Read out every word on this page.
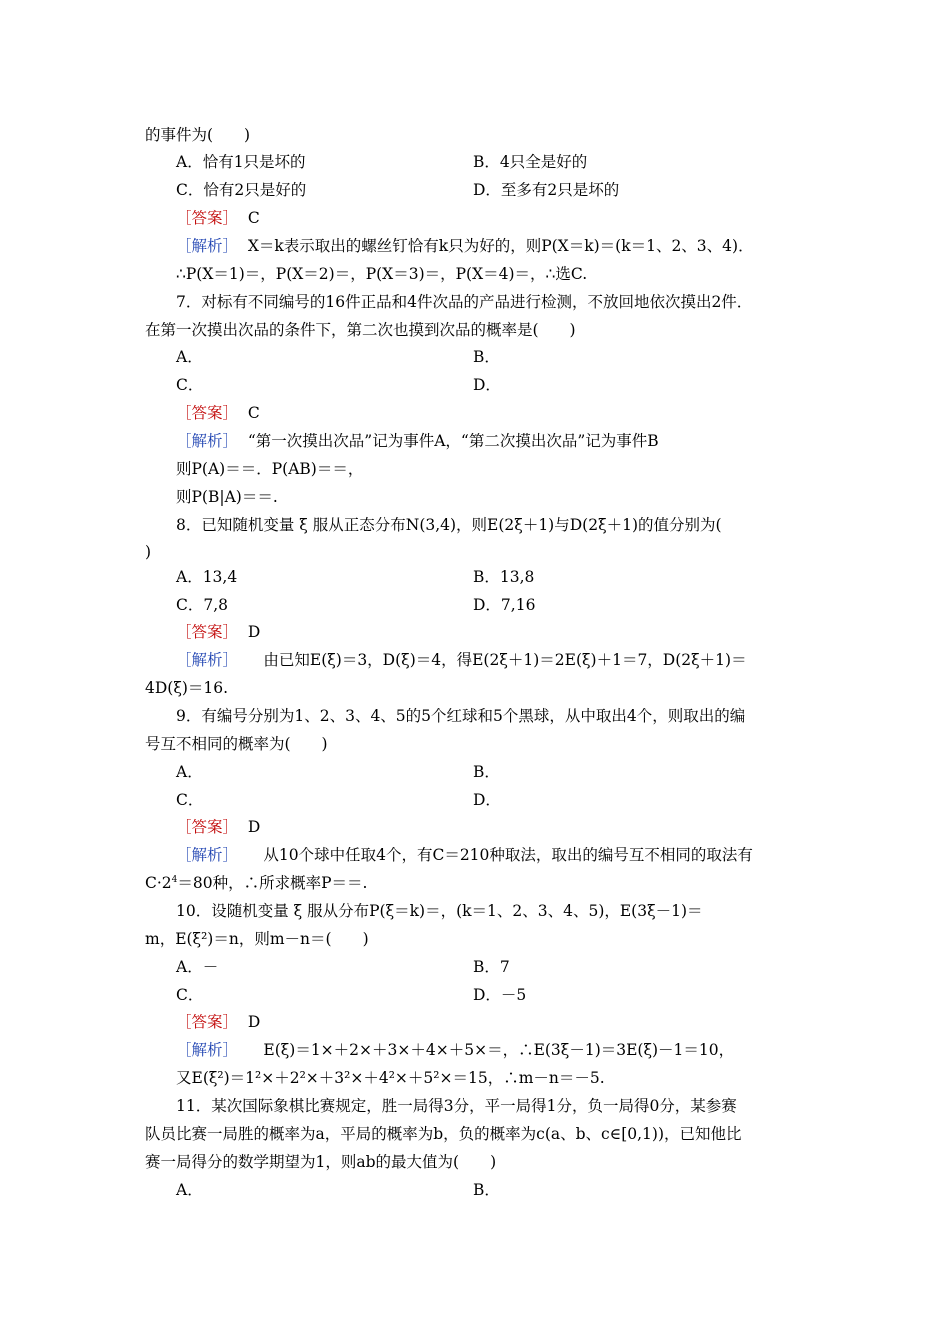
的事件为(　　)
A．恰有1只是坏的	B．4只全是好的
C．恰有2只是好的	D．至多有2只是坏的
［答案］ C
［解析］ X＝k表示取出的螺丝钉恰有k只为好的，则P(X＝k)＝(k＝1、2、3、4)．
∴P(X＝1)＝，P(X＝2)＝，P(X＝3)＝，P(X＝4)＝，∴选C.
7．对标有不同编号的16件正品和4件次品的产品进行检测，不放回地依次摸出2件．
在第一次摸出次品的条件下，第二次也摸到次品的概率是(　　)
A．	B．
C．	D．
［答案］ C
［解析］ “第一次摸出次品”记为事件A，“第二次摸出次品”记为事件B
则P(A)＝＝．P(AB)＝＝，
则P(B|A)＝＝.
8．已知随机变量 ξ 服从正态分布N(3,4)，则E(2ξ＋1)与D(2ξ＋1)的值分别为(
)
A．13,4	B．13,8
C．7,8	D．7,16
［答案］ D
［解析］  　由已知E(ξ)＝3，D(ξ)＝4，得E(2ξ＋1)＝2E(ξ)＋1＝7，D(2ξ＋1)＝
4D(ξ)＝16.
9．有编号分别为1、2、3、4、5的5个红球和5个黑球，从中取出4个，则取出的编
号互不相同的概率为(　　)
A．	B．
C．	D．
［答案］ D
［解析］  　从10个球中任取4个，有C＝210种取法，取出的编号互不相同的取法有
$C\cdot 2^4=80$种，∴所求概率P＝＝.
10．设随机变量 ξ 服从分布P(ξ＝k)＝，(k＝1、2、3、4、5)，E(3ξ－1)＝
m，E(ξ²)＝n，则m－n＝(　　)
A．－	B．7
C．	D．－5
［答案］ D
［解析］  　E(ξ)＝1×＋2×＋3×＋4×＋5×＝，∴E(3ξ－1)＝3E(ξ)－1＝10，
又E(ξ²)＝1²×＋2²×＋3²×＋4²×＋5²×＝15，∴m－n＝－5.
11．某次国际象棋比赛规定，胜一局得3分，平一局得1分，负一局得0分，某参赛
队员比赛一局胜的概率为a，平局的概率为b，负的概率为c(a、b、c∈[0,1))，已知他比
赛一局得分的数学期望为1，则ab的最大值为(　　)
A．	B．
